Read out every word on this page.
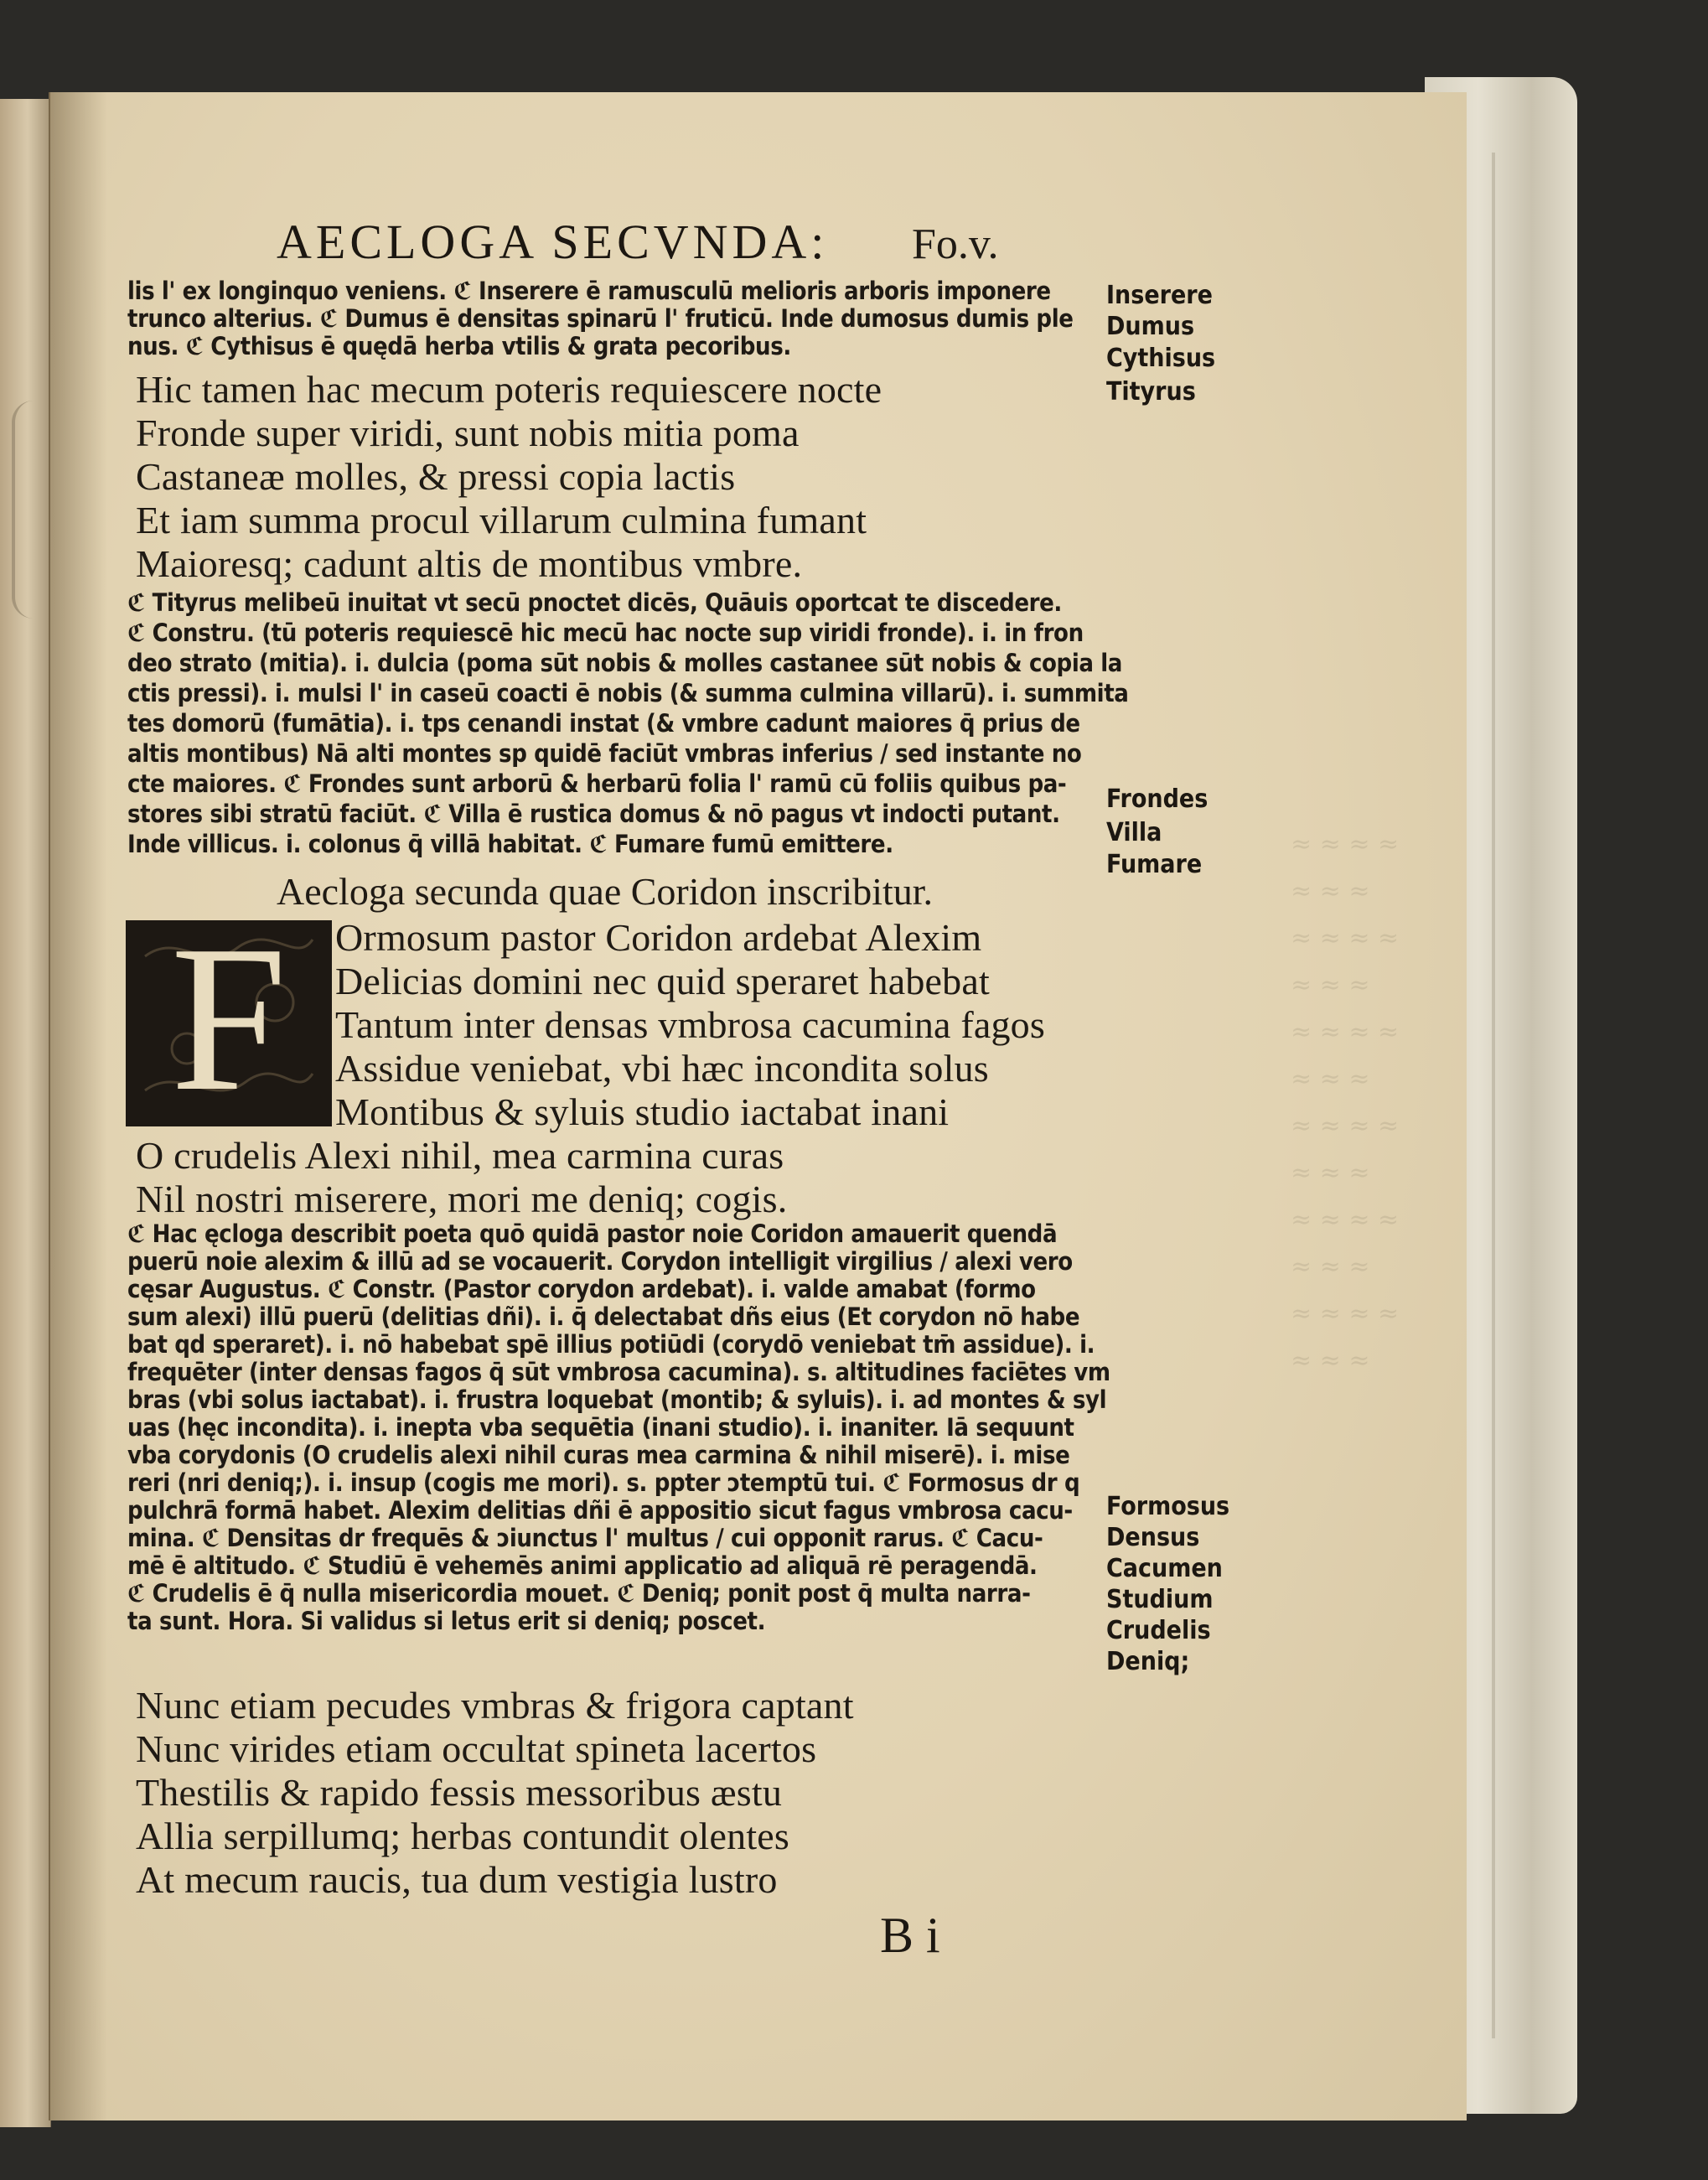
≈ ≈ ≈ ≈
≈ ≈ ≈
≈ ≈ ≈ ≈
≈ ≈ ≈
≈ ≈ ≈ ≈
≈ ≈ ≈
≈ ≈ ≈ ≈
≈ ≈ ≈
≈ ≈ ≈ ≈
≈ ≈ ≈
≈ ≈ ≈ ≈
≈ ≈ ≈
AECLOGA SECVNDA: Fo.v.
lis l' ex longinquo veniens. ℭ Inserere ē ramusculū melioris arboris imponere
trunco alterius. ℭ Dumus ē densitas spinarū l' fruticū. Inde dumosus dumis ple
nus. ℭ Cythisus ē quędā herba vtilis & grata pecoribus.
Hic tamen hac mecum poteris requiescere nocte
Fronde super viridi, sunt nobis mitia poma
Castaneæ molles, & pressi copia lactis
Et iam summa procul villarum culmina fumant
Maioresq; cadunt altis de montibus vmbre.
ℭ Tityrus melibeū inuitat vt secū pnoctet dicēs, Quāuis oportcat te discedere.
ℭ Constru. (tū poteris requiescē hic mecū hac nocte sup viridi fronde). i. in fron
deo strato (mitia). i. dulcia (poma sūt nobis & molles castanee sūt nobis & copia la
ctis pressi). i. mulsi l' in caseū coacti ē nobis (& summa culmina villarū). i. summita
tes domorū (fumātia). i. tps cenandi instat (& vmbre cadunt maiores q̄ prius de
altis montibus) Nā alti montes sp quidē faciūt vmbras inferius / sed instante no
cte maiores. ℭ Frondes sunt arborū & herbarū folia l' ramū cū foliis quibus pa-
stores sibi stratū faciūt. ℭ Villa ē rustica domus & nō pagus vt indocti putant.
Inde villicus. i. colonus q̄ villā habitat. ℭ Fumare fumū emittere.
Aecloga secunda quae Coridon inscribitur.
F	Ormosum pastor Coridon ardebat Alexim
Delicias domini nec quid speraret habebat
Tantum inter densas vmbrosa cacumina fagos
Assidue veniebat, vbi hæc incondita solus
Montibus & syluis studio iactabat inani
O crudelis Alexi nihil, mea carmina curas
Nil nostri miserere, mori me deniq; cogis.
ℭ Hac ęcloga describit poeta quō quidā pastor noie Coridon amauerit quendā
puerū noie alexim & illū ad se vocauerit. Corydon intelligit virgilius / alexi vero
cęsar Augustus. ℭ Constr. (Pastor corydon ardebat). i. valde amabat (formo
sum alexi) illū puerū (delitias dñi). i. q̄ delectabat dñs eius (Et corydon nō habe
bat qd speraret). i. nō habebat spē illius potiūdi (corydō veniebat tm̄ assidue). i.
frequēter (inter densas fagos q̄ sūt vmbrosa cacumina). s. altitudines faciētes vm
bras (vbi solus iactabat). i. frustra loquebat (montib; & syluis). i. ad montes & syl
uas (hęc incondita). i. inepta vba sequētia (inani studio). i. inaniter. Iā sequunt
vba corydonis (O crudelis alexi nihil curas mea carmina & nihil miserē). i. mise
reri (nri deniq;). i. insup (cogis me mori). s. ppter ɔtemptū tui. ℭ Formosus dr q
pulchrā formā habet. Alexim delitias dñi ē appositio sicut fagus vmbrosa cacu-
mina. ℭ Densitas dr frequēs & ɔiunctus l' multus / cui opponit rarus. ℭ Cacu-
mē ē altitudo. ℭ Studiū ē vehemēs animi applicatio ad aliquā rē peragendā.
ℭ Crudelis ē q̄ nulla misericordia mouet. ℭ Deniq; ponit post q̄ multa narra-
ta sunt. Hora. Si validus si letus erit si deniq; poscet.
Nunc etiam pecudes vmbras & frigora captant
Nunc virides etiam occultat spineta lacertos
Thestilis & rapido fessis messoribus æstu
Allia serpillumq; herbas contundit olentes
At mecum raucis, tua dum vestigia lustro
B i
Inserere
Dumus
Cythisus
Tityrus
Frondes
Villa
Fumare
Formosus
Densus
Cacumen
Studium
Crudelis
Deniq;
